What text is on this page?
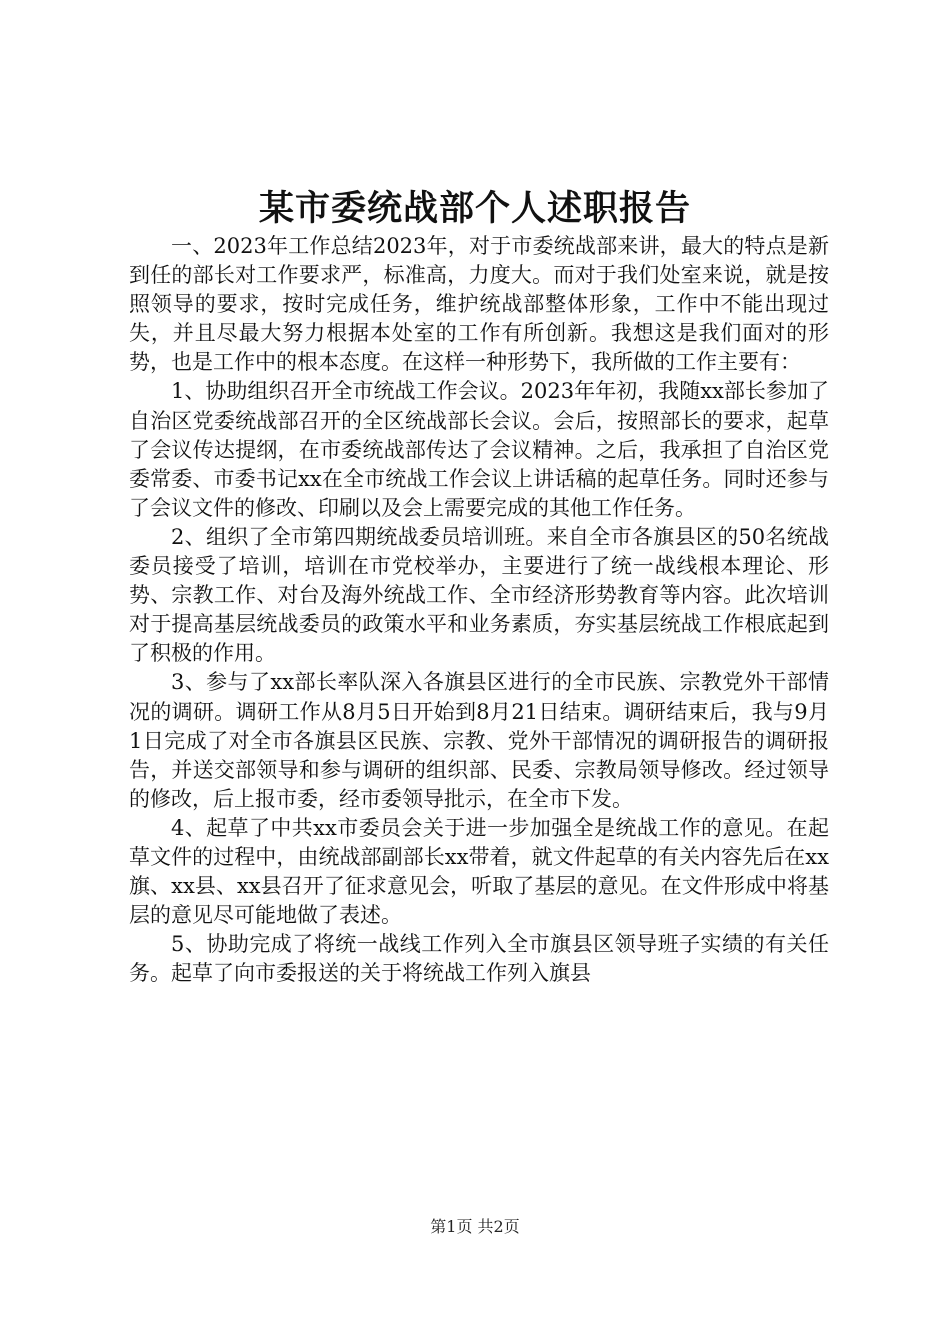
某市委统战部个人述职报告

一、2023年工作总结2023年，对于市委统战部来讲，最大的特点是新到任的部长对工作要求严，标准高，力度大。而对于我们处室来说，就是按照领导的要求，按时完成任务，维护统战部整体形象，工作中不能出现过失，并且尽最大努力根据本处室的工作有所创新。我想这是我们面对的形势，也是工作中的根本态度。在这样一种形势下，我所做的工作主要有：

1、协助组织召开全市统战工作会议。2023年年初，我随xx部长参加了自治区党委统战部召开的全区统战部长会议。会后，按照部长的要求，起草了会议传达提纲，在市委统战部传达了会议精神。之后，我承担了自治区党委常委、市委书记xx在全市统战工作会议上讲话稿的起草任务。同时还参与了会议文件的修改、印刷以及会上需要完成的其他工作任务。

2、组织了全市第四期统战委员培训班。来自全市各旗县区的50名统战委员接受了培训，培训在市党校举办，主要进行了统一战线根本理论、形势、宗教工作、对台及海外统战工作、全市经济形势教育等内容。此次培训对于提高基层统战委员的政策水平和业务素质，夯实基层统战工作根底起到了积极的作用。

3、参与了xx部长率队深入各旗县区进行的全市民族、宗教党外干部情况的调研。调研工作从8月5日开始到8月21日结束。调研结束后，我与9月1日完成了对全市各旗县区民族、宗教、党外干部情况的调研报告的调研报告，并送交部领导和参与调研的组织部、民委、宗教局领导修改。经过领导的修改，后上报市委，经市委领导批示，在全市下发。

4、起草了中共xx市委员会关于进一步加强全是统战工作的意见。在起草文件的过程中，由统战部副部长xx带着，就文件起草的有关内容先后在xx旗、xx县、xx县召开了征求意见会，听取了基层的意见。在文件形成中将基层的意见尽可能地做了表述。

5、协助完成了将统一战线工作列入全市旗县区领导班子实绩的有关任务。起草了向市委报送的关于将统战工作列入旗县

第1页 共2页
